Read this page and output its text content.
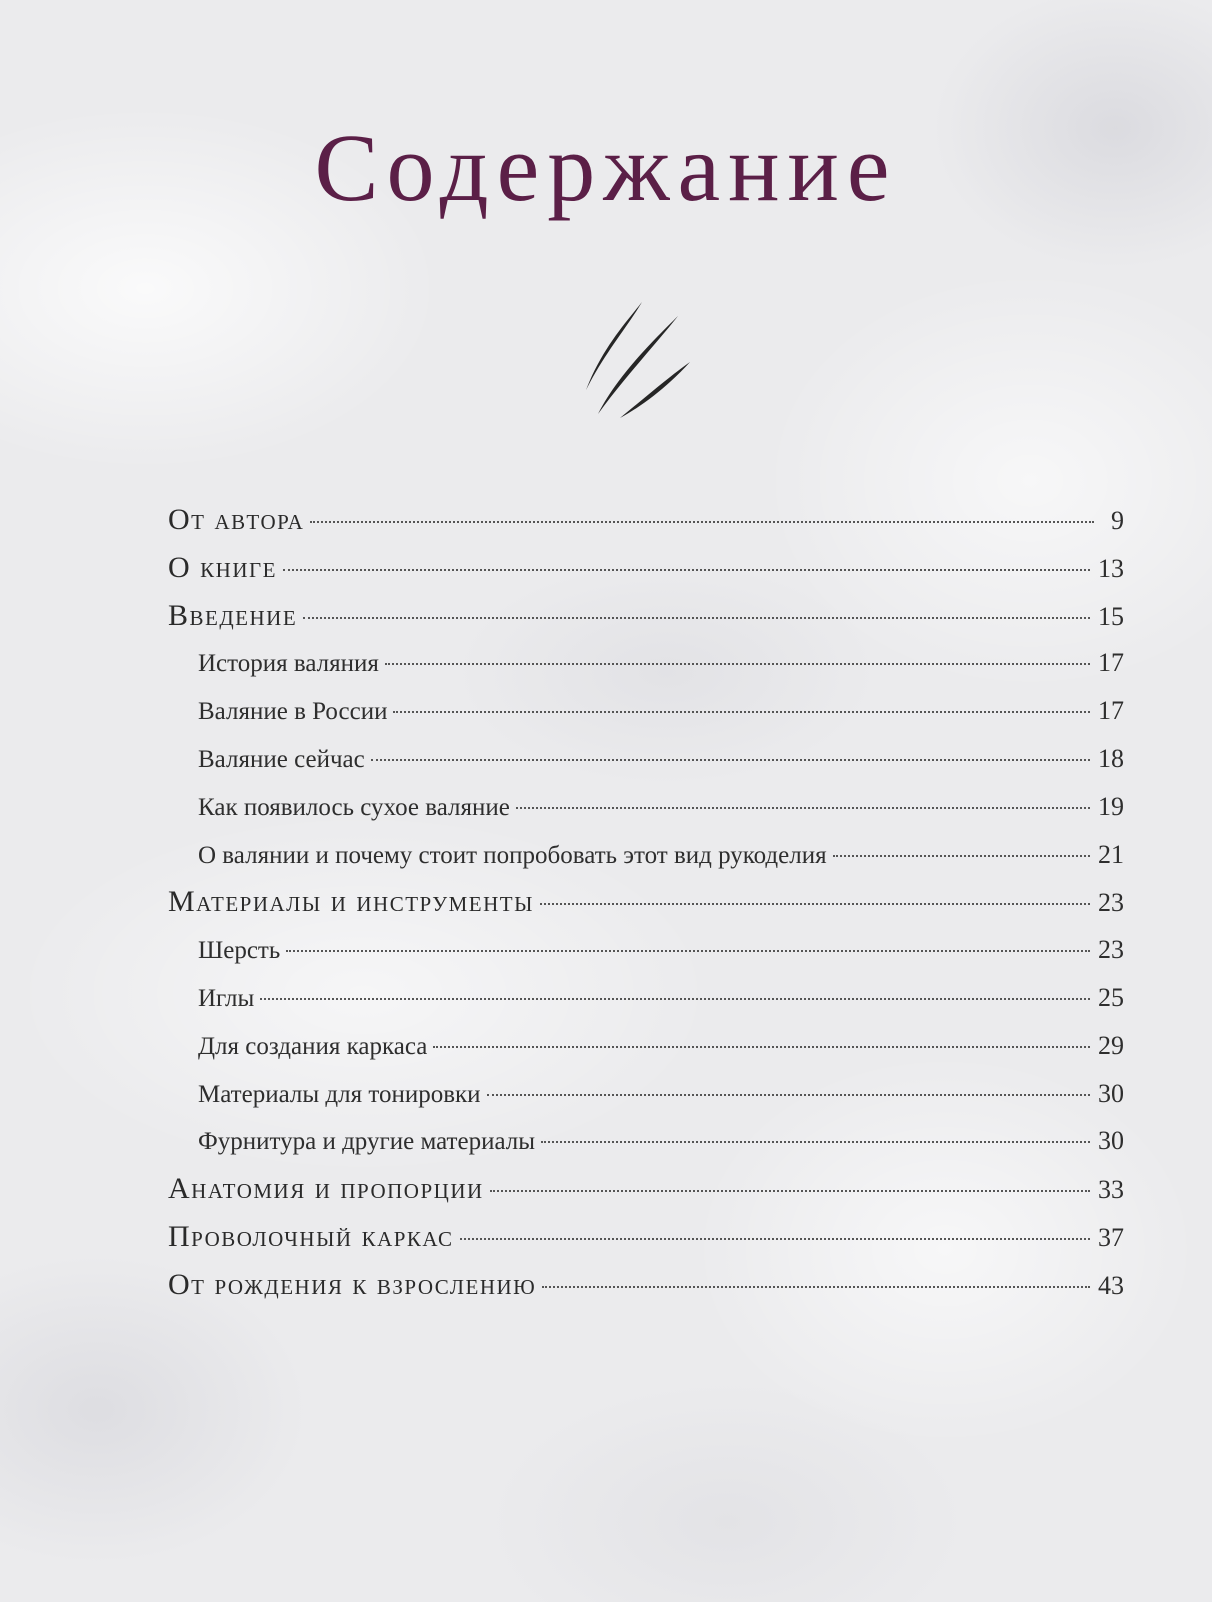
Содержание
От автора	9
О книге	13
Введение	15
История валяния	17
Валяние в России	17
Валяние сейчас	18
Как появилось сухое валяние	19
О валянии и почему стоит попробовать этот вид рукоделия	21
Материалы и инструменты	23
Шерсть	23
Иглы	25
Для создания каркаса	29
Материалы для тонировки	30
Фурнитура и другие материалы	30
Анатомия и пропорции	33
Проволочный каркас	37
От рождения к взрослению	43
